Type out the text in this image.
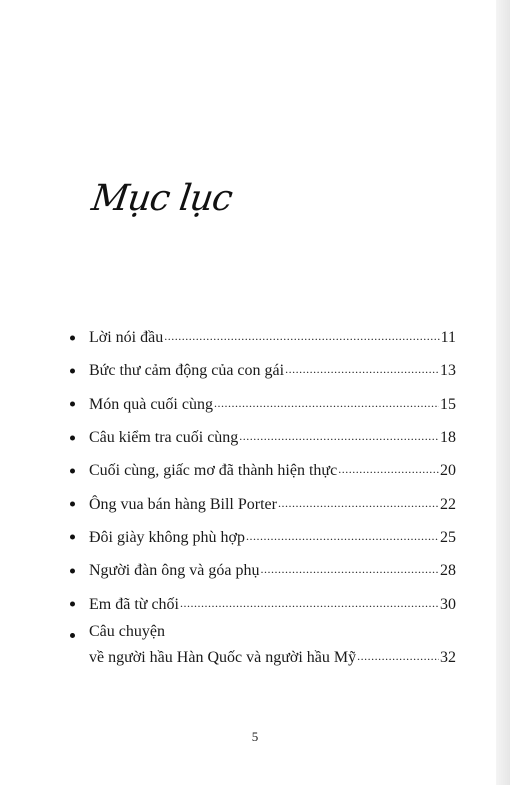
Mục lục
Lời nói đầu .....	11
Bức thư cảm động của con gái .....	13
Món quà cuối cùng .....	15
Câu kiểm tra cuối cùng .....	18
Cuối cùng, giấc mơ đã thành hiện thực .....	20
Ông vua bán hàng Bill Porter .....	22
Đôi giày không phù hợp .....	25
Người đàn ông và góa phụ .....	28
Em đã từ chối .....	30
Câu chuyện
về người hầu Hàn Quốc và người hầu Mỹ .....	32
5
